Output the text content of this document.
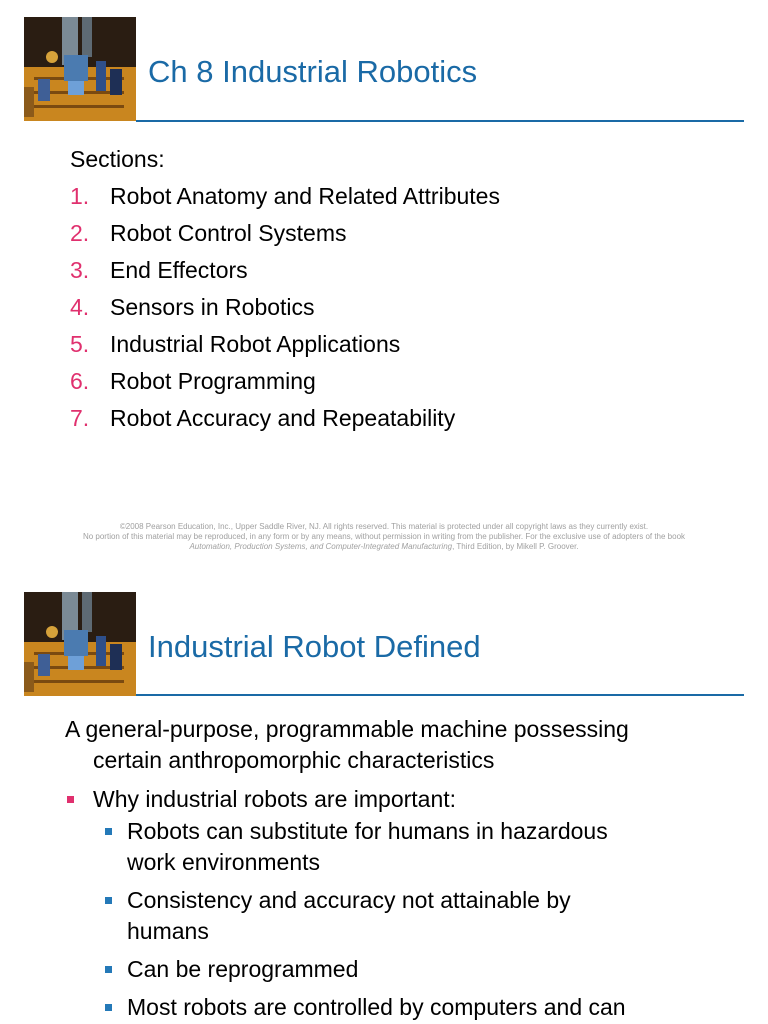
Ch 8 Industrial Robotics
Sections:
1. Robot Anatomy and Related Attributes
2. Robot Control Systems
3. End Effectors
4. Sensors in Robotics
5. Industrial Robot Applications
6. Robot Programming
7. Robot Accuracy and Repeatability
©2008 Pearson Education, Inc., Upper Saddle River, NJ. All rights reserved. This material is protected under all copyright laws as they currently exist.
No portion of this material may be reproduced, in any form or by any means, without permission in writing from the publisher. For the exclusive use of adopters of the book
Automation, Production Systems, and Computer-Integrated Manufacturing, Third Edition, by Mikell P. Groover.
Industrial Robot Defined
A general-purpose, programmable machine possessing
certain anthropomorphic characteristics
Why industrial robots are important:
Robots can substitute for humans in hazardous
work environments
Consistency and accuracy not attainable by
humans
Can be reprogrammed
Most robots are controlled by computers and can
